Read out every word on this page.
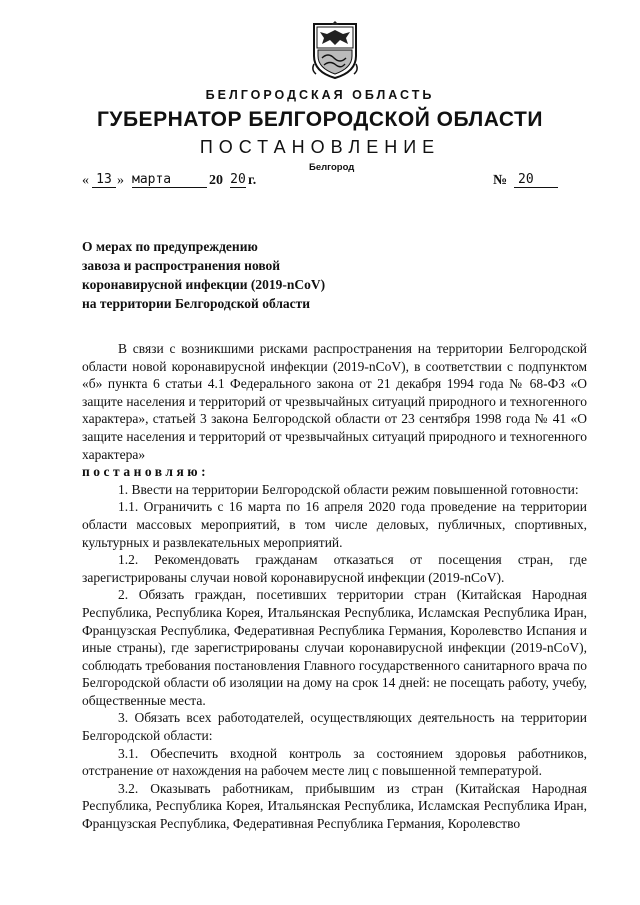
БЕЛГОРОДСКАЯ ОБЛАСТЬ
ГУБЕРНАТОР БЕЛГОРОДСКОЙ ОБЛАСТИ
ПОСТАНОВЛЕНИЕ
Белгород
« 13 » марта	20 20 г.	№ 20
О мерах по предупреждению
завоза и распространения новой
коронавирусной инфекции (2019-nCoV)
на территории Белгородской области

В связи с возникшими рисками распространения на территории Белгородской области новой коронавирусной инфекции (2019-nCoV), в соответствии с подпунктом «б» пункта 6 статьи 4.1 Федерального закона от 21 декабря 1994 года № 68-ФЗ «О защите населения и территорий от чрезвычайных ситуаций природного и техногенного характера», статьей 3 закона Белгородской области от 23 сентября 1998 года № 41 «О защите населения и территорий от чрезвычайных ситуаций природного и техногенного характера»

постановляю:

1. Ввести на территории Белгородской области режим повышенной готовности:

1.1. Ограничить с 16 марта по 16 апреля 2020 года проведение на территории области массовых мероприятий, в том числе деловых, публичных, спортивных, культурных и развлекательных мероприятий.

1.2. Рекомендовать гражданам отказаться от посещения стран, где зарегистрированы случаи новой коронавирусной инфекции (2019-nCoV).

2. Обязать граждан, посетивших территории стран (Китайская Народная Республика, Республика Корея, Итальянская Республика, Исламская Республика Иран, Французская Республика, Федеративная Республика Германия, Королевство Испания и иные страны), где зарегистрированы случаи коронавирусной инфекции (2019-nCoV), соблюдать требования постановления Главного государственного санитарного врача по Белгородской области об изоляции на дому на срок 14 дней: не посещать работу, учебу, общественные места.

3. Обязать всех работодателей, осуществляющих деятельность на территории Белгородской области:

3.1. Обеспечить входной контроль за состоянием здоровья работников, отстранение от нахождения на рабочем месте лиц с повышенной температурой.

3.2. Оказывать работникам, прибывшим из стран (Китайская Народная Республика, Республика Корея, Итальянская Республика, Исламская Республика Иран, Французская Республика, Федеративная Республика Германия, Королевство
